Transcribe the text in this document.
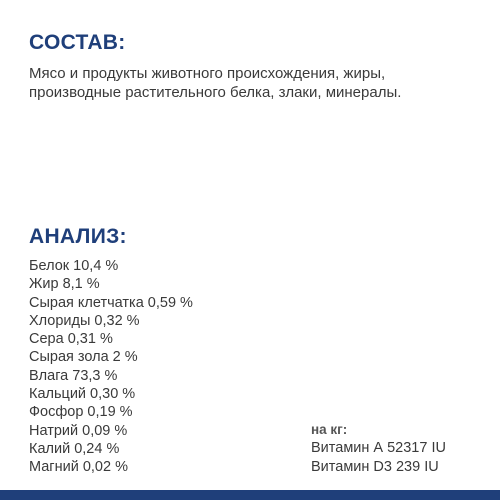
СОСТАВ:

Мясо и продукты животного происхождения, жиры, производные растительного белка, злаки, минералы.

АНАЛИЗ:
Белок 10,4 %
Жир 8,1 %
Сырая клетчатка 0,59 %
Хлориды 0,32 %
Сера 0,31 %
Сырая зола 2 %
Влага 73,3 %
Кальций 0,30 %
Фосфор 0,19 %
Натрий 0,09 %
Калий 0,24 %
Магний 0,02 %
на кг:
Витамин А 52317 IU
Витамин D3 239 IU
